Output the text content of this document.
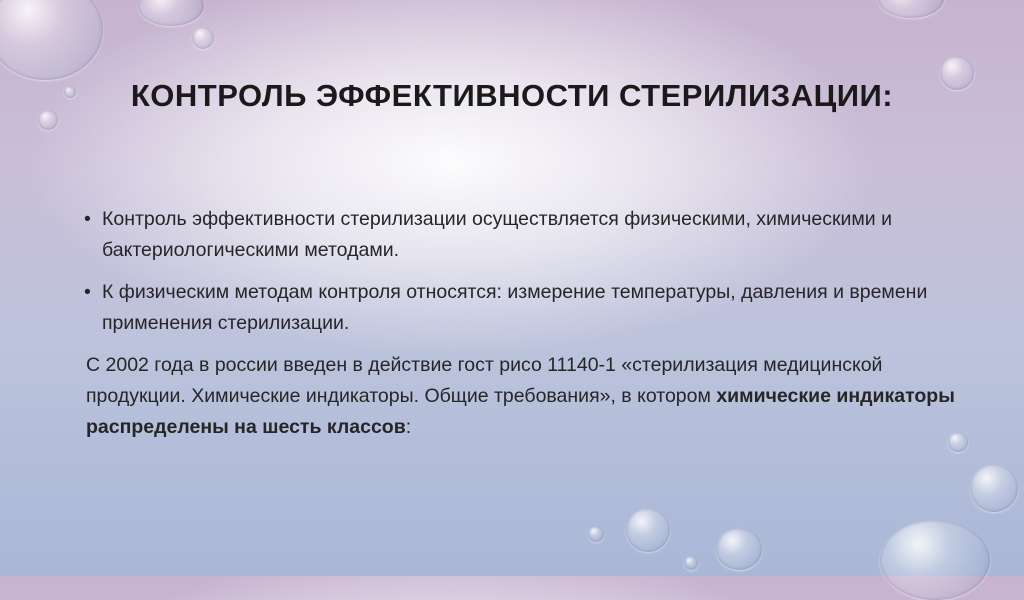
КОНТРОЛЬ ЭФФЕКТИВНОСТИ СТЕРИЛИЗАЦИИ:
• Контроль эффективности стерилизации осуществляется физическими, химическими и бактериологическими методами.
• К физическим методам контроля относятся: измерение температуры, давления и времени применения стерилизации.
С 2002 года в россии введен в действие гост рисо 11140-1 «стерилизация медицинской продукции. Химические индикаторы. Общие требования», в котором химические индикаторы распределены на шесть классов:
